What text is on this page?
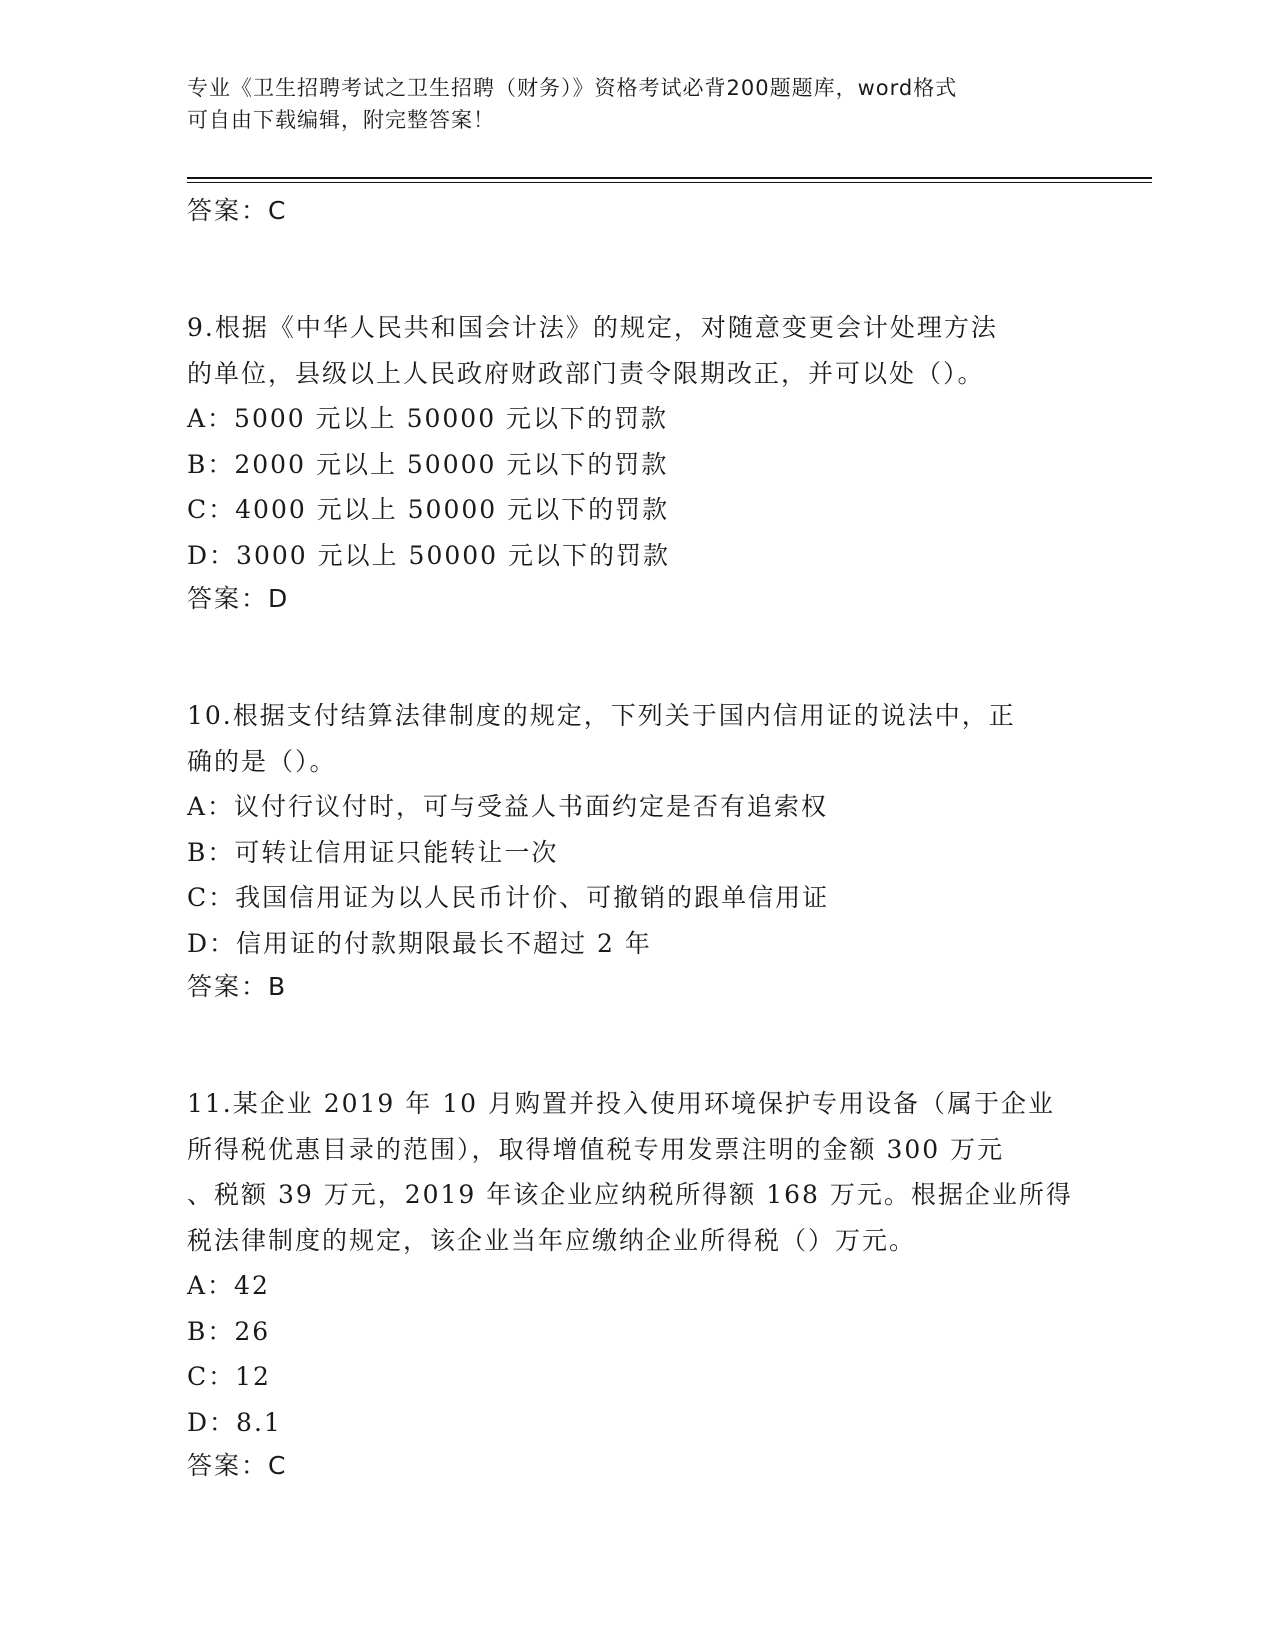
专业《卫生招聘考试之卫生招聘（财务）》资格考试必背200题题库，word格式
可自由下载编辑，附完整答案！
答案：C
9.根据《中华人民共和国会计法》的规定，对随意变更会计处理方法
的单位，县级以上人民政府财政部门责令限期改正，并可以处（）。
A：5000 元以上 50000 元以下的罚款
B：2000 元以上 50000 元以下的罚款
C：4000 元以上 50000 元以下的罚款
D：3000 元以上 50000 元以下的罚款
答案：D
10.根据支付结算法律制度的规定，下列关于国内信用证的说法中，正
确的是（）。
A：议付行议付时，可与受益人书面约定是否有追索权
B：可转让信用证只能转让一次
C：我国信用证为以人民币计价、可撤销的跟单信用证
D：信用证的付款期限最长不超过 2 年
答案：B
11.某企业 2019 年 10 月购置并投入使用环境保护专用设备（属于企业
所得税优惠目录的范围），取得增值税专用发票注明的金额 300 万元
、税额 39 万元，2019 年该企业应纳税所得额 168 万元。根据企业所得
税法律制度的规定，该企业当年应缴纳企业所得税（）万元。
A：42
B：26
C：12
D：8.1
答案：C
